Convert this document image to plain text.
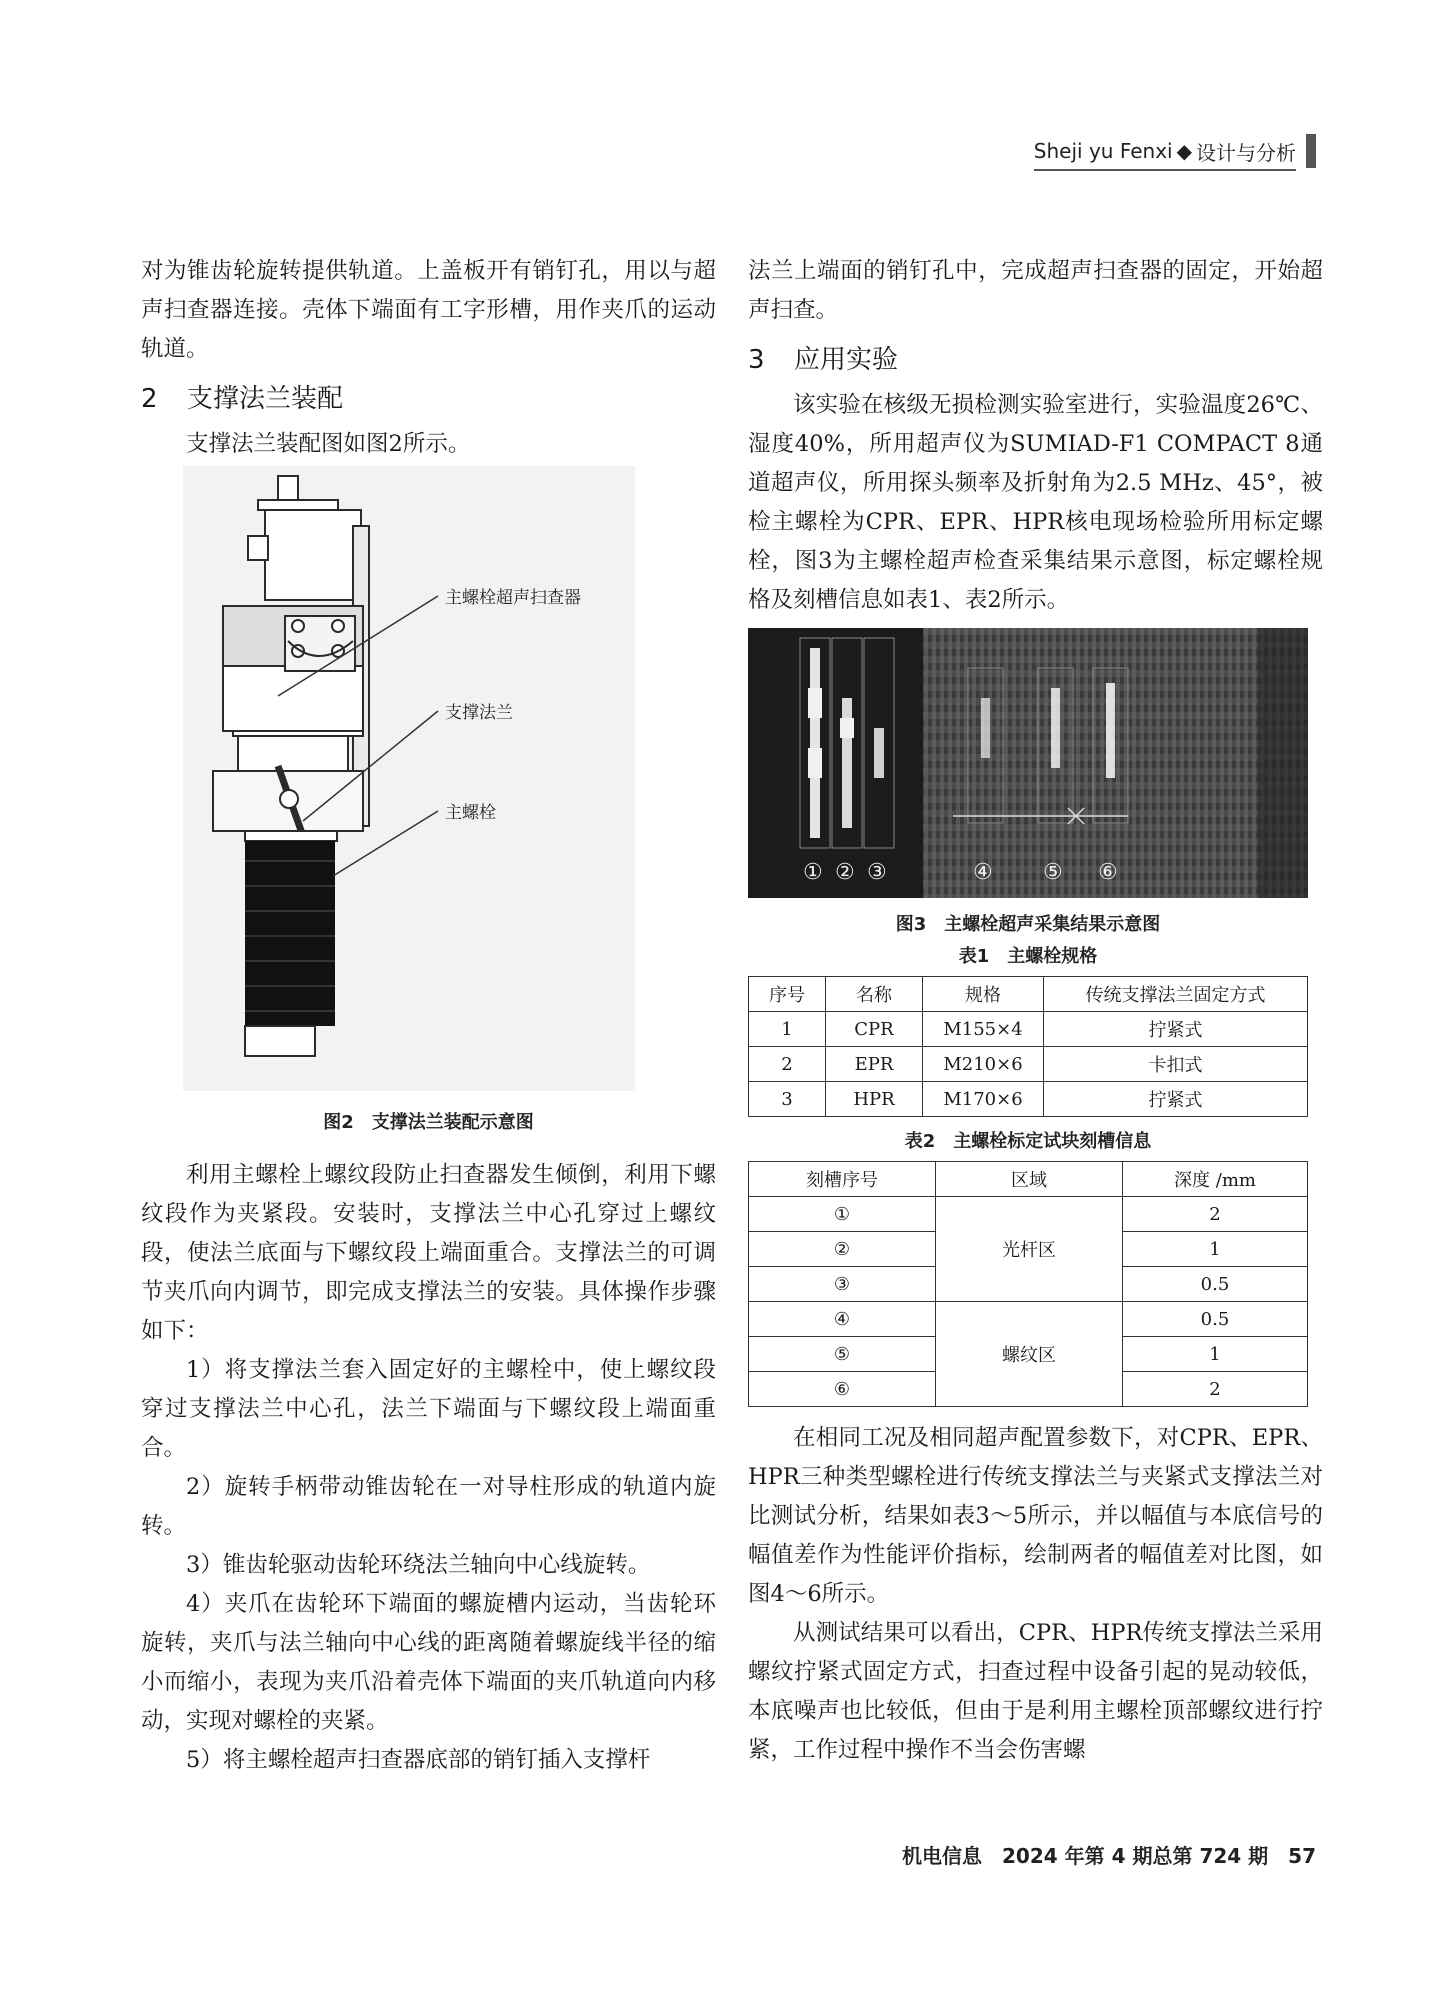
Sheji yu Fenxi ◆ 设计与分析

对为锥齿轮旋转提供轨道。上盖板开有销钉孔，用以与超声扫查器连接。壳体下端面有工字形槽，用作夹爪的运动轨道。

2 支撑法兰装配

支撑法兰装配图如图2所示。

主螺栓超声扫查器
支撑法兰
主螺栓
图2　支撑法兰装配示意图

利用主螺栓上螺纹段防止扫查器发生倾倒，利用下螺纹段作为夹紧段。安装时，支撑法兰中心孔穿过上螺纹段，使法兰底面与下螺纹段上端面重合。支撑法兰的可调节夹爪向内调节，即完成支撑法兰的安装。具体操作步骤如下：

1）将支撑法兰套入固定好的主螺栓中，使上螺纹段穿过支撑法兰中心孔，法兰下端面与下螺纹段上端面重合。

2）旋转手柄带动锥齿轮在一对导柱形成的轨道内旋转。

3）锥齿轮驱动齿轮环绕法兰轴向中心线旋转。

4）夹爪在齿轮环下端面的螺旋槽内运动，当齿轮环旋转，夹爪与法兰轴向中心线的距离随着螺旋线半径的缩小而缩小，表现为夹爪沿着壳体下端面的夹爪轨道向内移动，实现对螺栓的夹紧。

5）将主螺栓超声扫查器底部的销钉插入支撑杆

法兰上端面的销钉孔中，完成超声扫查器的固定，开始超声扫查。

3 应用实验

该实验在核级无损检测实验室进行，实验温度26℃、湿度40%，所用超声仪为SUMIAD-F1 COMPACT 8通道超声仪，所用探头频率及折射角为2.5 MHz、45°，被检主螺栓为CPR、EPR、HPR核电现场检验所用标定螺栓，图3为主螺栓超声检查采集结果示意图，标定螺栓规格及刻槽信息如表1、表2所示。

① ② ③	④ ⑤ ⑥
图3　主螺栓超声采集结果示意图
表1　主螺栓规格
序号	名称	规格	传统支撑法兰固定方式
1	CPR	M155×4	拧紧式
2	EPR	M210×6	卡扣式
3	HPR	M170×6	拧紧式
表2　主螺栓标定试块刻槽信息
刻槽序号	区域	深度 /mm
①	光杆区	2
②		1
③		0.5
④	螺纹区	0.5
⑤		1
⑥		2

在相同工况及相同超声配置参数下，对CPR、EPR、HPR三种类型螺栓进行传统支撑法兰与夹紧式支撑法兰对比测试分析，结果如表3～5所示，并以幅值与本底信号的幅值差作为性能评价指标，绘制两者的幅值差对比图，如图4～6所示。

从测试结果可以看出，CPR、HPR传统支撑法兰采用螺纹拧紧式固定方式，扫查过程中设备引起的晃动较低，本底噪声也比较低，但由于是利用主螺栓顶部螺纹进行拧紧，工作过程中操作不当会伤害螺

机电信息　2024 年第 4 期总第 724 期　57
